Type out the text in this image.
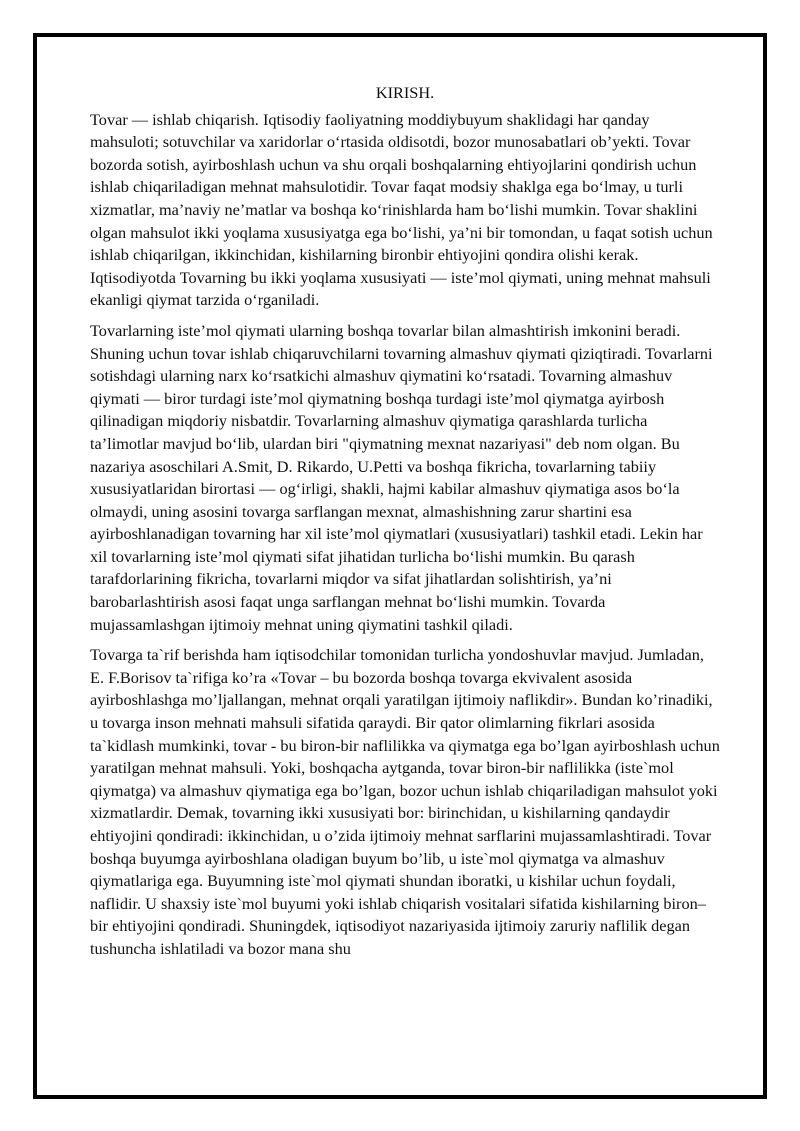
KIRISH.

Tovar — ishlab chiqarish. Iqtisodiy faoliyatning moddiybuyum shaklidagi har qanday mahsuloti; sotuvchilar va xaridorlar o‘rtasida oldisotdi, bozor munosabatlari ob’yekti. Tovar bozorda sotish, ayirboshlash uchun va shu orqali boshqalarning ehtiyojlarini qondirish uchun ishlab chiqariladigan mehnat mahsulotidir. Tovar faqat modsiy shaklga ega bo‘lmay, u turli xizmatlar, ma’naviy ne’matlar va boshqa ko‘rinishlarda ham bo‘lishi mumkin. Tovar shaklini olgan mahsulot ikki yoqlama xususiyatga ega bo‘lishi, ya’ni bir tomondan, u faqat sotish uchun ishlab chiqarilgan, ikkinchidan, kishilarning bironbir ehtiyojini qondira olishi kerak. Iqtisodiyotda Tovarning bu ikki yoqlama xususiyati — iste’mol qiymati, uning mehnat mahsuli ekanligi qiymat tarzida o‘rganiladi.

Tovarlarning iste’mol qiymati ularning boshqa tovarlar bilan almashtirish imkonini beradi. Shuning uchun tovar ishlab chiqaruvchilarni tovarning almashuv qiymati qiziqtiradi. Tovarlarni sotishdagi ularning narx ko‘rsatkichi almashuv qiymatini ko‘rsatadi. Tovarning almashuv qiymati — biror turdagi iste’mol qiymatning boshqa turdagi iste’mol qiymatga ayirbosh qilinadigan miqdoriy nisbatdir. Tovarlarning almashuv qiymatiga qarashlarda turlicha ta’limotlar mavjud bo‘lib, ulardan biri "qiymatning mexnat nazariyasi" deb nom olgan. Bu nazariya asoschilari A.Smit, D. Rikardo, U.Petti va boshqa fikricha, tovarlarning tabiiy xususiyatlaridan birortasi — og‘irligi, shakli, hajmi kabilar almashuv qiymatiga asos bo‘la olmaydi, uning asosini tovarga sarflangan mexnat, almashishning zarur shartini esa ayirboshlanadigan tovarning har xil iste’mol qiymatlari (xususiyatlari) tashkil etadi. Lekin har xil tovarlarning iste’mol qiymati sifat jihatidan turlicha bo‘lishi mumkin. Bu qarash tarafdorlarining fikricha, tovarlarni miqdor va sifat jihatlardan solishtirish, ya’ni barobarlashtirish asosi faqat unga sarflangan mehnat bo‘lishi mumkin. Tovarda mujassamlashgan ijtimoiy mehnat uning qiymatini tashkil qiladi.

Tovarga ta`rif berishda ham iqtisodchilar tomonidan turlicha yondoshuvlar mavjud. Jumladan, E. F.Borisov ta`rifiga ko’ra «Tovar – bu bozorda boshqa tovarga ekvivalent asosida ayirboshlashga mo’ljallangan, mehnat orqali yaratilgan ijtimoiy naflikdir». Bundan ko’rinadiki, u tovarga inson mehnati mahsuli sifatida qaraydi. Bir qator olimlarning fikrlari asosida ta`kidlash mumkinki, tovar - bu biron-bir naflilikka va qiymatga ega bo’lgan ayirboshlash uchun yaratilgan mehnat mahsuli. Yoki, boshqacha aytganda, tovar biron-bir naflilikka (iste`mol qiymatga) va almashuv qiymatiga ega bo’lgan, bozor uchun ishlab chiqariladigan mahsulot yoki xizmatlardir. Demak, tovarning ikki xususiyati bor: birinchidan, u kishilarning qandaydir ehtiyojini qondiradi: ikkinchidan, u o’zida ijtimoiy mehnat sarflarini mujassamlashtiradi. Tovar boshqa buyumga ayirboshlana oladigan buyum bo’lib, u iste`mol qiymatga va almashuv qiymatlariga ega. Buyumning iste`mol qiymati shundan iboratki, u kishilar uchun foydali, naflidir. U shaxsiy iste`mol buyumi yoki ishlab chiqarish vositalari sifatida kishilarning biron–bir ehtiyojini qondiradi. Shuningdek, iqtisodiyot nazariyasida ijtimoiy zaruriy naflilik degan tushuncha ishlatiladi va bozor mana shu
